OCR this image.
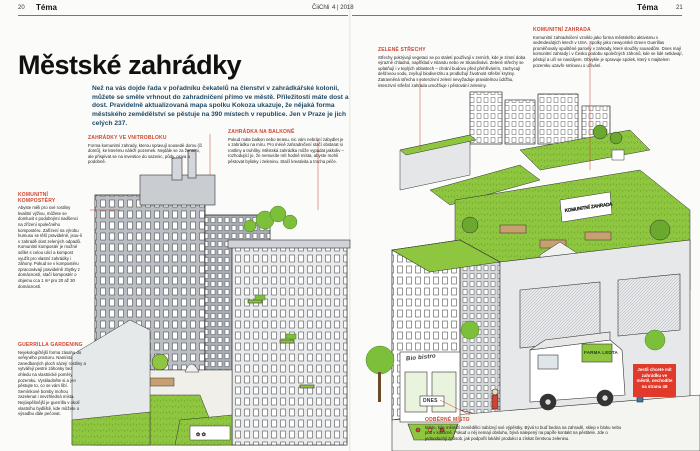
20 Téma	ČiiChli 4 | 2018	Téma	21
✿ ✿
KOMUNITNÍ ZAHRADA
Městské zahrádky

Než na vás dojde řada v pořadníku čekatelů na členství v zahrádkářské kolonii, můžete se směle vrhnout do zahradničení přímo ve městě. Příležitostí máte dost a dost. Pravidelně aktualizovaná mapa spolku Kokoza ukazuje, že nějaká forma městského zemědělství se pěstuje na 390 místech v republice. Jen v Praze je jich celých 237.

ZAHRÁDKY VE VNITROBLOKU
Forma komunitní zahrady, kterou spravují sousedé domu (či domů), ke kterému náleží pozemek. Nejdále se za ženami, ale přispívat se na investice do sazenic, půdy, osiva a podobně.
ZAHRÁDKA NA BALKONĚ
Pokud máte balkon nebo terasu, nic vám nebrání zabydlet je v zahrádku na míru. Pro méně zahradničení stačí obstarat si rostliny a truhlíky. Městská zahrádka může vypadat jakkoliv – rozhodující je, že nemusíte mít hodně místa, abyste mohli pěstovat bylinky i zeleninu. Stačí kreativita a trocha péče.
KOMUNITNÍ KOMPOSTÉRY
Abyste měli pro své rostliny kvalitní výživu, můžete se domluvit s podobnými nadšenci na zřízení společného kompostéru. Zařízení na výrobu humusu se těší pravidelně, jsou-li v zahradě dost zelených odpadů. Komunitní kompostér je možné sdílet s celou ulicí a kompost využít pro vlastní zahrádky i záhony. Pokud se v kompostéru zpracovávají pravidelně zbytky z domácností, stačí kompostér o objemu cca 1 m³ pro 20 až 30 domácností.
GUERRILLA GARDENING
Nejekologičtější forma zásahu do veřejného prostoru. Namísto zanedbaných ploch sázejí rostliny a vytvářejí pestré záhonky bez ohledu na vlastnické poměry pozemku. Vyskladněte si a jen pěstujte to, co se vám líbí. Semínkové bomby mohou zazelenat i nevzhledná místa. Nejúspěšnější je guerrilla v okolí vlastního bydliště, kde můžete o výsadbu dále pečovat.
ZELENÉ STŘECHY
Střechy pokrývají vegetaci se po staletí používají v zemích, kde je zimní doba výrazně chladná, například v Islandu nebo ve Skandinávii. Zelené střechy se uplatňují i v teplých oblastech – chrání budovu před přehříváním, zachycují dešťovou vodu, zvyšují biodiverzitu a prodlužují životnost střešní krytiny. Zatravněná střecha s extenzivní zelení nevyžaduje pravidelnou údržbu, intenzivní střešní zahrada umožňuje i pěstování zeleniny.
KOMUNITNÍ ZAHRADA
Komunitní zahradničení vzniklo jako forma městského aktivismu v sedmdesátých letech v USA. Spolky jako newyorské Green Guerillas proměňovaly opuštěné parcely v zahrady, které sloužily sousedům. Dnes mají komunitní zahrady i v Česku podobu společných záhonů, kde se lidé setkávají, pěstují a učí se navzájem. Obvykle je spravuje spolek, který s majitelem pozemku uzavře smlouvu o užívání.
ODBĚRNÉ MÍSTO
Místo, kde městští zemědělci nabízejí své výpěstky. Bývá to buď bedna na zahradě, sklep v bloku nebo pult v kavárně. Pokud u něj nemají obsluhu, bývá nalepený na papíře kontakt na pěstitele. Jde o jednoduchý způsob, jak podpořit lokální produkci a získat čerstvou zeleninu.
Bio bistro
DNES
FARMA LEDTA
Jestli chcete mít zahrádku ve městě, nechodíte na stranu 48
